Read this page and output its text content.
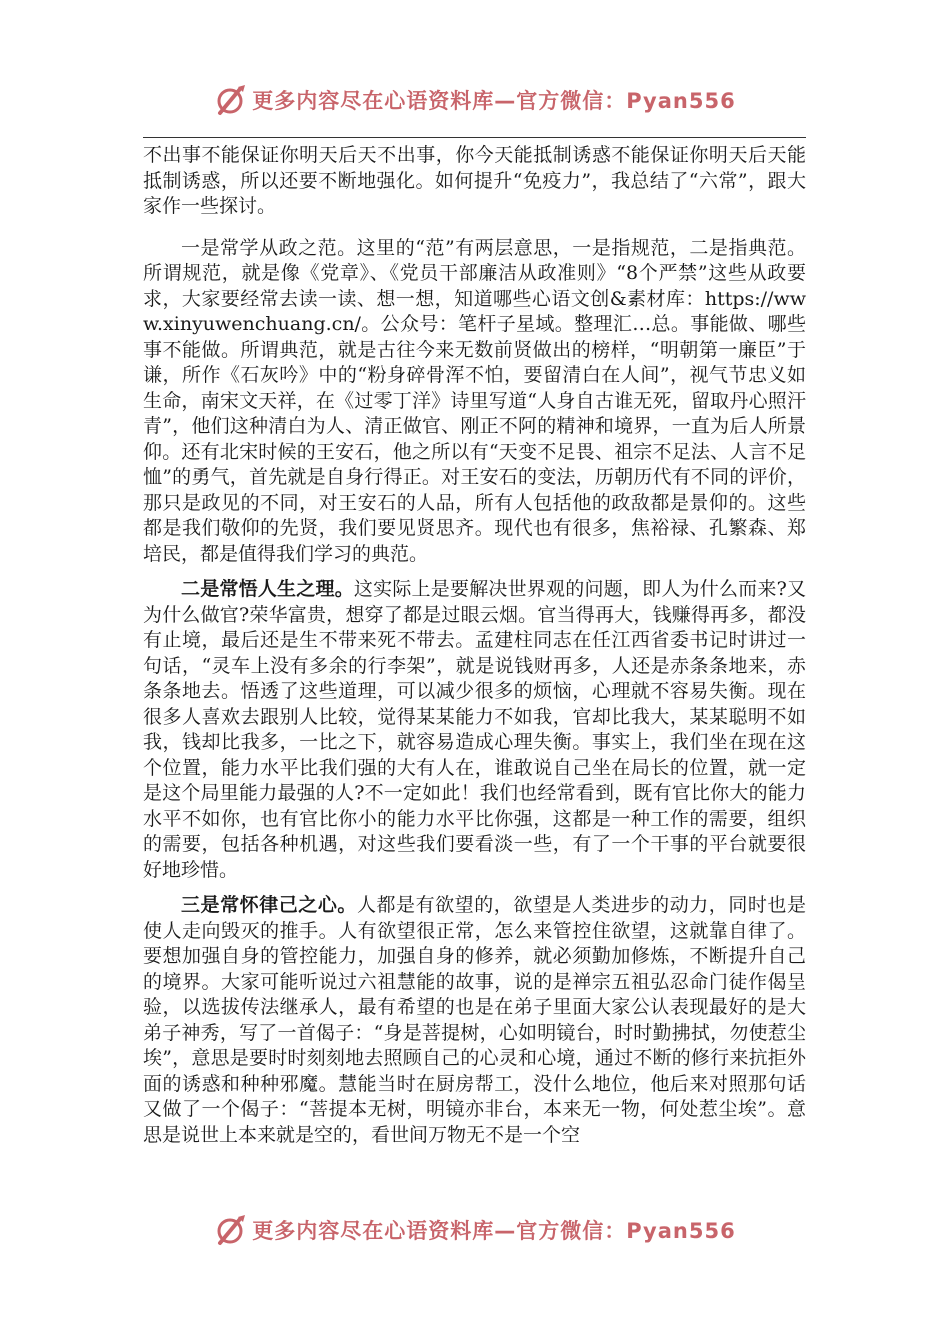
更多内容尽在心语资料库—官方微信：Pyan556

不出事不能保证你明天后天不出事，你今天能抵制诱惑不能保证你明天后天能抵制诱惑，所以还要不断地强化。如何提升“免疫力”，我总结了“六常”，跟大家作一些探讨。

一是常学从政之范。这里的“范”有两层意思，一是指规范，二是指典范。所谓规范，就是像《党章》、《党员干部廉洁从政准则》“8个严禁”这些从政要求，大家要经常去读一读、想一想，知道哪些心语文创&素材库：https://www.xinyuwenchuang.cn/。公众号：笔杆子星域。整理汇…总。事能做、哪些事不能做。所谓典范，就是古往今来无数前贤做出的榜样，“明朝第一廉臣”于谦，所作《石灰吟》中的“粉身碎骨浑不怕，要留清白在人间”，视气节忠义如生命，南宋文天祥，在《过零丁洋》诗里写道“人身自古谁无死，留取丹心照汗青”，他们这种清白为人、清正做官、刚正不阿的精神和境界，一直为后人所景仰。还有北宋时候的王安石，他之所以有“天变不足畏、祖宗不足法、人言不足恤”的勇气，首先就是自身行得正。对王安石的变法，历朝历代有不同的评价，那只是政见的不同，对王安石的人品，所有人包括他的政敌都是景仰的。这些都是我们敬仰的先贤，我们要见贤思齐。现代也有很多，焦裕禄、孔繁森、郑培民，都是值得我们学习的典范。

二是常悟人生之理。这实际上是要解决世界观的问题，即人为什么而来?又为什么做官?荣华富贵，想穿了都是过眼云烟。官当得再大，钱赚得再多，都没有止境，最后还是生不带来死不带去。孟建柱同志在任江西省委书记时讲过一句话，“灵车上没有多余的行李架”，就是说钱财再多，人还是赤条条地来，赤条条地去。悟透了这些道理，可以减少很多的烦恼，心理就不容易失衡。现在很多人喜欢去跟别人比较，觉得某某能力不如我，官却比我大，某某聪明不如我，钱却比我多，一比之下，就容易造成心理失衡。事实上，我们坐在现在这个位置，能力水平比我们强的大有人在，谁敢说自己坐在局长的位置，就一定是这个局里能力最强的人?不一定如此！我们也经常看到，既有官比你大的能力水平不如你，也有官比你小的能力水平比你强，这都是一种工作的需要，组织的需要，包括各种机遇，对这些我们要看淡一些，有了一个干事的平台就要很好地珍惜。

三是常怀律己之心。人都是有欲望的，欲望是人类进步的动力，同时也是使人走向毁灭的推手。人有欲望很正常，怎么来管控住欲望，这就靠自律了。要想加强自身的管控能力，加强自身的修养，就必须勤加修炼，不断提升自己的境界。大家可能听说过六祖慧能的故事，说的是禅宗五祖弘忍命门徒作偈呈验，以选拔传法继承人，最有希望的也是在弟子里面大家公认表现最好的是大弟子神秀，写了一首偈子：“身是菩提树，心如明镜台，时时勤拂拭，勿使惹尘埃”，意思是要时时刻刻地去照顾自己的心灵和心境，通过不断的修行来抗拒外面的诱惑和种种邪魔。慧能当时在厨房帮工，没什么地位，他后来对照那句话又做了一个偈子：“菩提本无树，明镜亦非台，本来无一物，何处惹尘埃”。意思是说世上本来就是空的，看世间万物无不是一个空

更多内容尽在心语资料库—官方微信：Pyan556
